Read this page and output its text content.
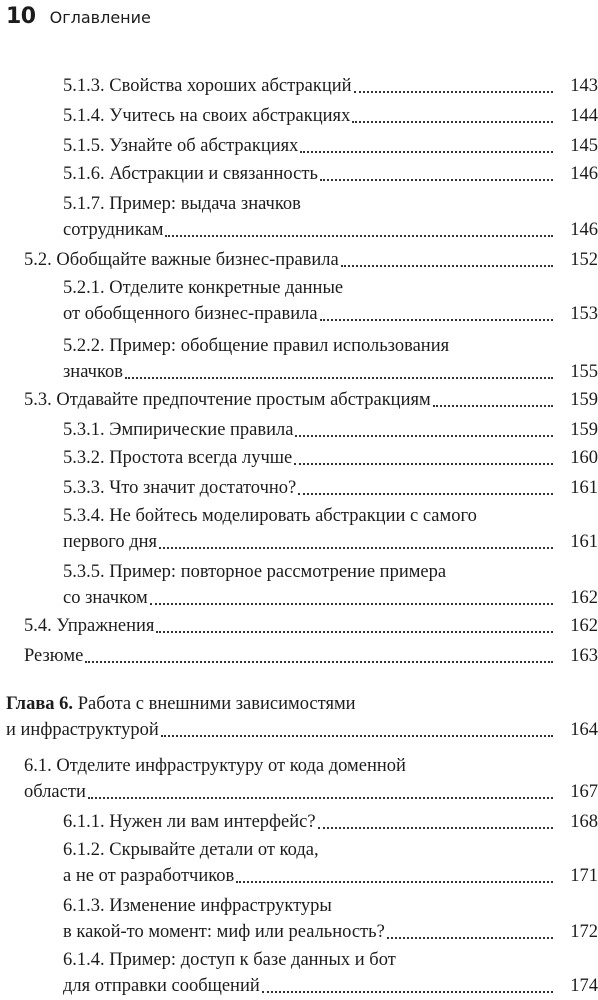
10 Оглавление
5.1.3. Свойства хороших абстракций	143
5.1.4. Учитесь на своих абстракциях	144
5.1.5. Узнайте об абстракциях	145
5.1.6. Абстракции и связанность	146
5.1.7. Пример: выдача значков
сотрудникам	146
5.2. Обобщайте важные бизнес-правила	152
5.2.1. Отделите конкретные данные
от обобщенного бизнес-правила	153
5.2.2. Пример: обобщение правил использования
значков	155
5.3. Отдавайте предпочтение простым абстракциям	159
5.3.1. Эмпирические правила	159
5.3.2. Простота всегда лучше	160
5.3.3. Что значит достаточно?	161
5.3.4. Не бойтесь моделировать абстракции с самого
первого дня	161
5.3.5. Пример: повторное рассмотрение примера
со значком	162
5.4. Упражнения	162
Резюме	163
Глава 6. Работа с внешними зависимостями
и инфраструктурой	164
6.1. Отделите инфраструктуру от кода доменной
области	167
6.1.1. Нужен ли вам интерфейс?	168
6.1.2. Скрывайте детали от кода,
а не от разработчиков	171
6.1.3. Изменение инфраструктуры
в какой-то момент: миф или реальность?	172
6.1.4. Пример: доступ к базе данных и бот
для отправки сообщений	174
